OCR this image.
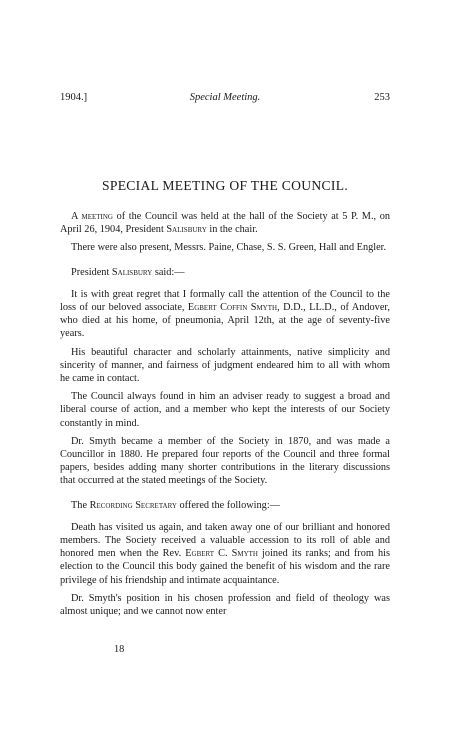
1904.]	Special Meeting.	253
SPECIAL MEETING OF THE COUNCIL.

A meeting of the Council was held at the hall of the Society at 5 P. M., on April 26, 1904, President Salisbury in the chair.

There were also present, Messrs. Paine, Chase, S. S. Green, Hall and Engler.

President Salisbury said:—

It is with great regret that I formally call the attention of the Council to the loss of our beloved associate, Egbert Coffin Smyth, D.D., LL.D., of Andover, who died at his home, of pneumonia, April 12th, at the age of seventy-five years.

His beautiful character and scholarly attainments, native simplicity and sincerity of manner, and fairness of judgment endeared him to all with whom he came in contact.

The Council always found in him an adviser ready to suggest a broad and liberal course of action, and a member who kept the interests of our Society constantly in mind.

Dr. Smyth became a member of the Society in 1870, and was made a Councillor in 1880. He prepared four reports of the Council and three formal papers, besides adding many shorter contributions in the literary discussions that occurred at the stated meetings of the Society.

The Recording Secretary offered the following:—

Death has visited us again, and taken away one of our brilliant and honored members. The Society received a valuable accession to its roll of able and honored men when the Rev. Egbert C. Smyth joined its ranks; and from his election to the Council this body gained the benefit of his wisdom and the rare privilege of his friendship and intimate acquaintance.

Dr. Smyth's position in his chosen profession and field of theology was almost unique; and we cannot now enter

18
